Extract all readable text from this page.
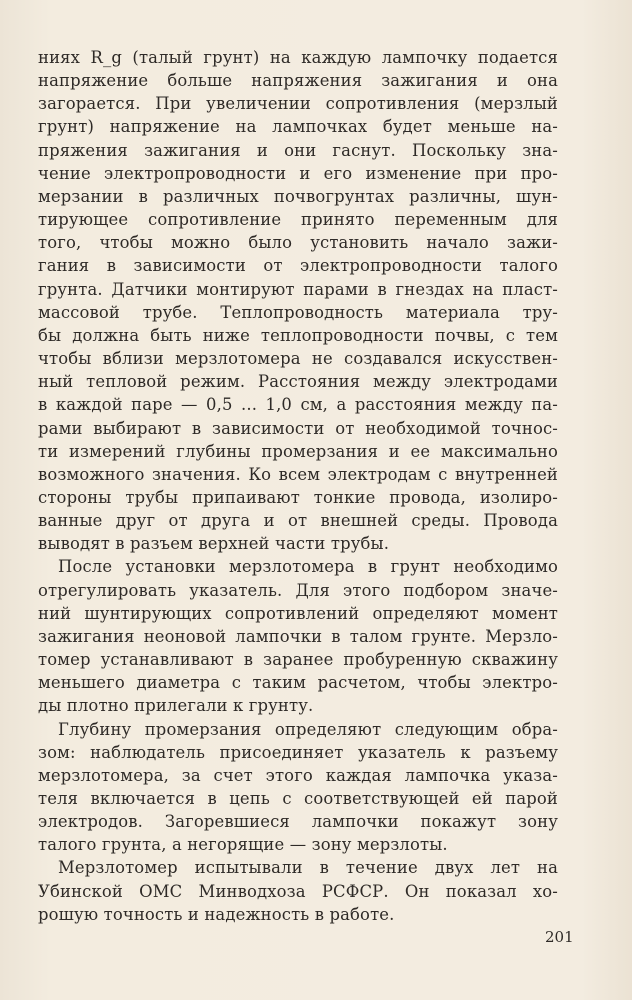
ниях R_g (талый грунт) на каждую лампочку подается
напряжение больше напряжения зажигания и она
загорается. При увеличении сопротивления (мерзлый
грунт) напряжение на лампочках будет меньше на-
пряжения зажигания и они гаснут. Поскольку зна-
чение электропроводности и его изменение при про-
мерзании в различных почвогрунтах различны, шун-
тирующее сопротивление принято переменным для
того, чтобы можно было установить начало зажи-
гания в зависимости от электропроводности талого
грунта. Датчики монтируют парами в гнездах на пласт-
массовой трубе. Теплопроводность материала тру-
бы должна быть ниже теплопроводности почвы, с тем
чтобы вблизи мерзлотомера не создавался искусствен-
ный тепловой режим. Расстояния между электродами
в каждой паре — 0,5 ... 1,0 см, а расстояния между па-
рами выбирают в зависимости от необходимой точнос-
ти измерений глубины промерзания и ее максимально
возможного значения. Ко всем электродам с внутренней
стороны трубы припаивают тонкие провода, изолиро-
ванные друг от друга и от внешней среды. Провода
выводят в разъем верхней части трубы.

После установки мерзлотомера в грунт необходимо
отрегулировать указатель. Для этого подбором значе-
ний шунтирующих сопротивлений определяют момент
зажигания неоновой лампочки в талом грунте. Мерзло-
томер устанавливают в заранее пробуренную скважину
меньшего диаметра с таким расчетом, чтобы электро-
ды плотно прилегали к грунту.

Глубину промерзания определяют следующим обра-
зом: наблюдатель присоединяет указатель к разъему
мерзлотомера, за счет этого каждая лампочка указа-
теля включается в цепь с соответствующей ей парой
электродов. Загоревшиеся лампочки покажут зону
талого грунта, а негорящие — зону мерзлоты.

Мерзлотомер испытывали в течение двух лет на
Убинской ОМС Минводхоза РСФСР. Он показал хо-
рошую точность и надежность в работе.

201
